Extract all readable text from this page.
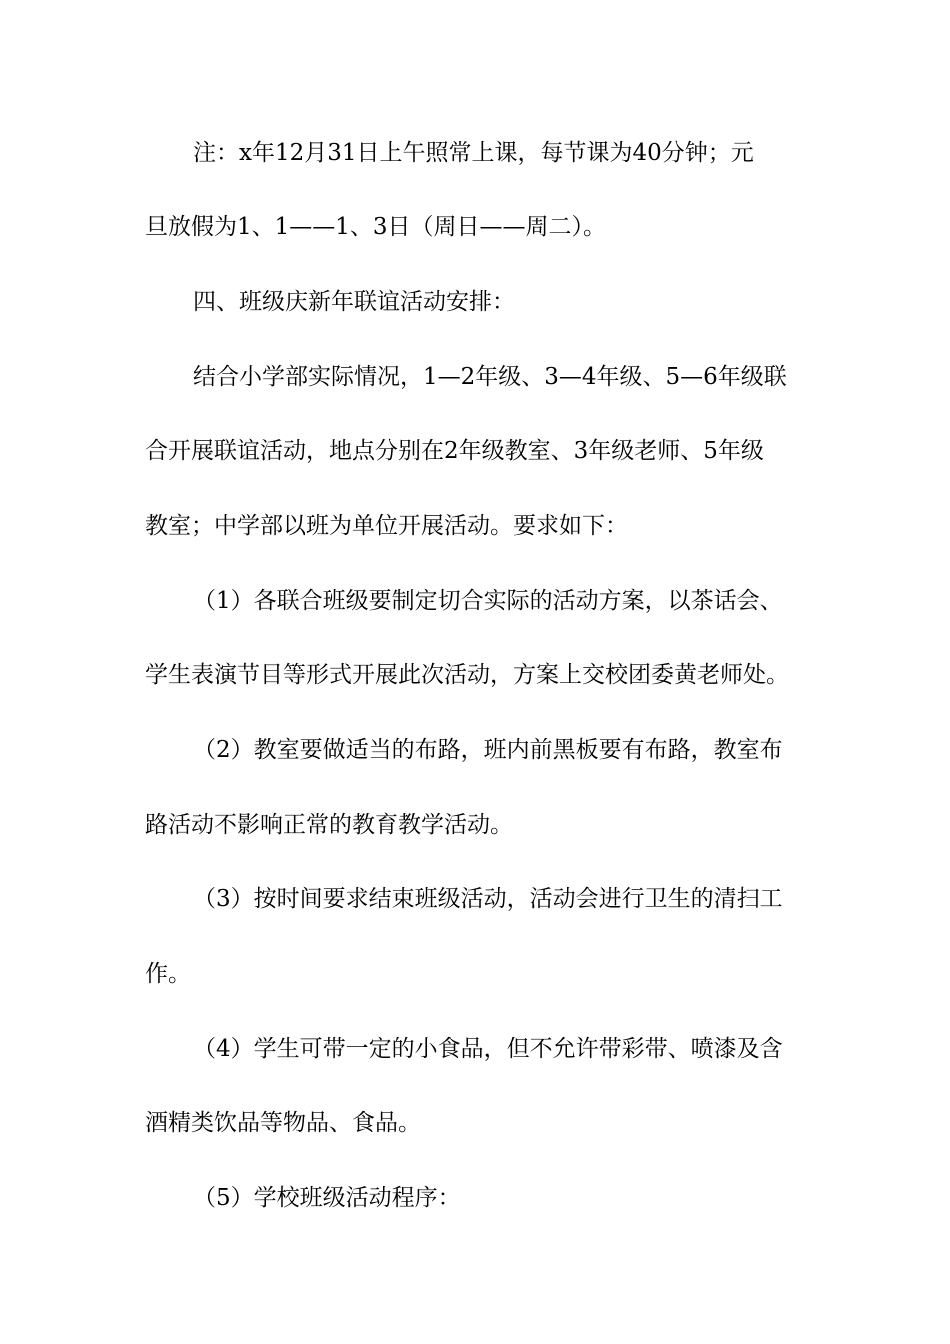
注：x年12月31日上午照常上课，每节课为40分钟；元
旦放假为1、1——1、3日（周日——周二）。
四、班级庆新年联谊活动安排：
结合小学部实际情况，1—2年级、3—4年级、5—6年级联
合开展联谊活动，地点分别在2年级教室、3年级老师、5年级
教室；中学部以班为单位开展活动。要求如下：
（1）各联合班级要制定切合实际的活动方案，以茶话会、
学生表演节目等形式开展此次活动，方案上交校团委黄老师处。
（2）教室要做适当的布路，班内前黑板要有布路，教室布
路活动不影响正常的教育教学活动。
（3）按时间要求结束班级活动，活动会进行卫生的清扫工
作。
（4）学生可带一定的小食品，但不允许带彩带、喷漆及含
酒精类饮品等物品、食品。
（5）学校班级活动程序：
